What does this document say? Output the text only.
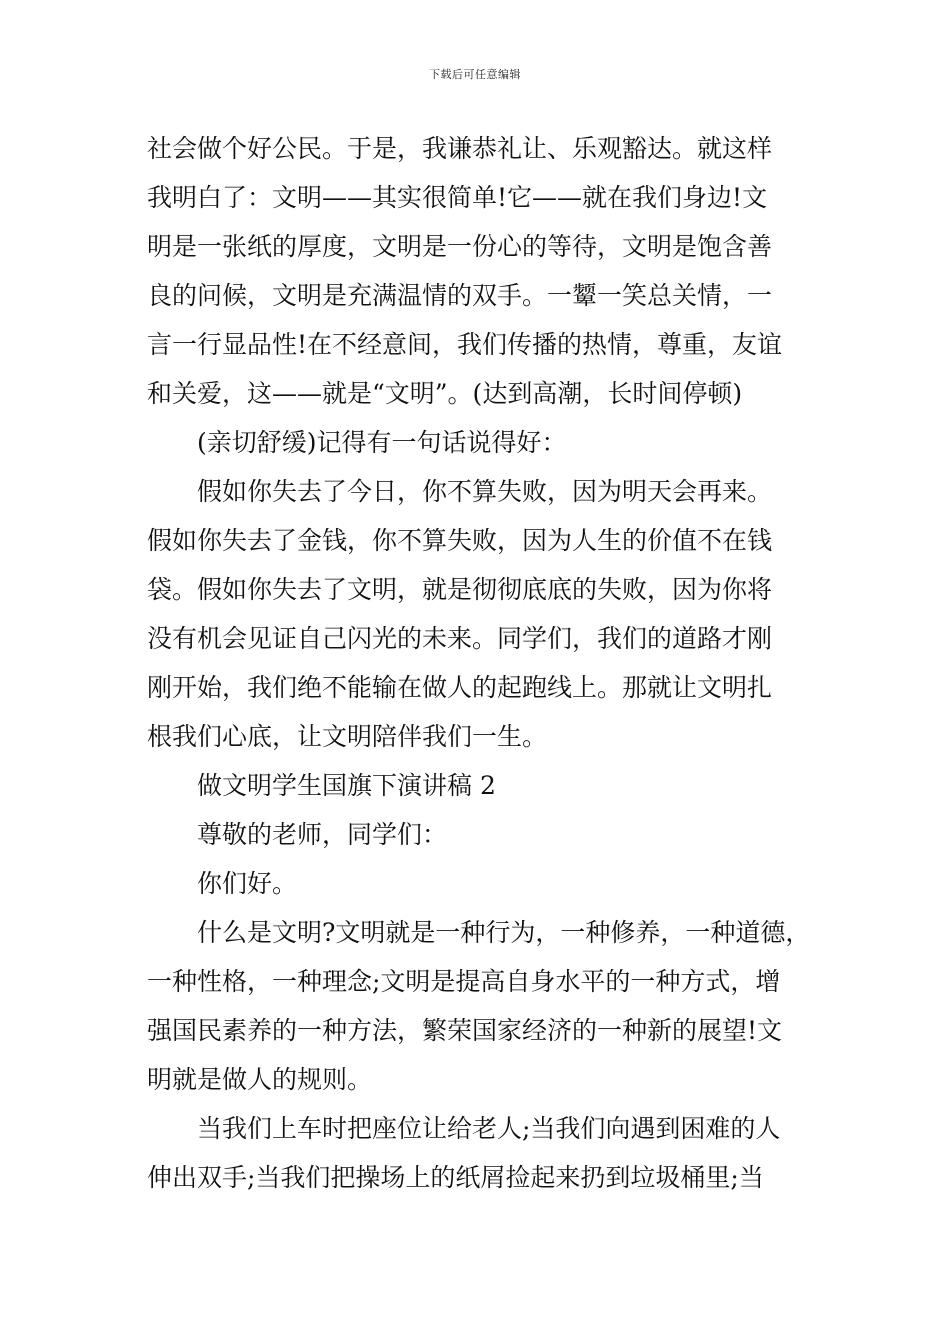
下载后可任意编辑

社会做个好公民。于是，我谦恭礼让、乐观豁达。就这样
我明白了：文明——其实很简单!它——就在我们身边!文
明是一张纸的厚度，文明是一份心的等待，文明是饱含善
良的问候，文明是充满温情的双手。一颦一笑总关情，一
言一行显品性!在不经意间，我们传播的热情，尊重，友谊
和关爱，这——就是“文明”。(达到高潮，长时间停顿)

(亲切舒缓)记得有一句话说得好：

假如你失去了今日，你不算失败，因为明天会再来。

假如你失去了金钱，你不算失败，因为人生的价值不在钱
袋。假如你失去了文明，就是彻彻底底的失败，因为你将
没有机会见证自己闪光的未来。同学们，我们的道路才刚
刚开始，我们绝不能输在做人的起跑线上。那就让文明扎
根我们心底，让文明陪伴我们一生。

做文明学生国旗下演讲稿 2

尊敬的老师，同学们：

你们好。

什么是文明?文明就是一种行为，一种修养，一种道德，

一种性格，一种理念;文明是提高自身水平的一种方式，增
强国民素养的一种方法，繁荣国家经济的一种新的展望!文
明就是做人的规则。

当我们上车时把座位让给老人;当我们向遇到困难的人

伸出双手;当我们把操场上的纸屑捡起来扔到垃圾桶里;当
